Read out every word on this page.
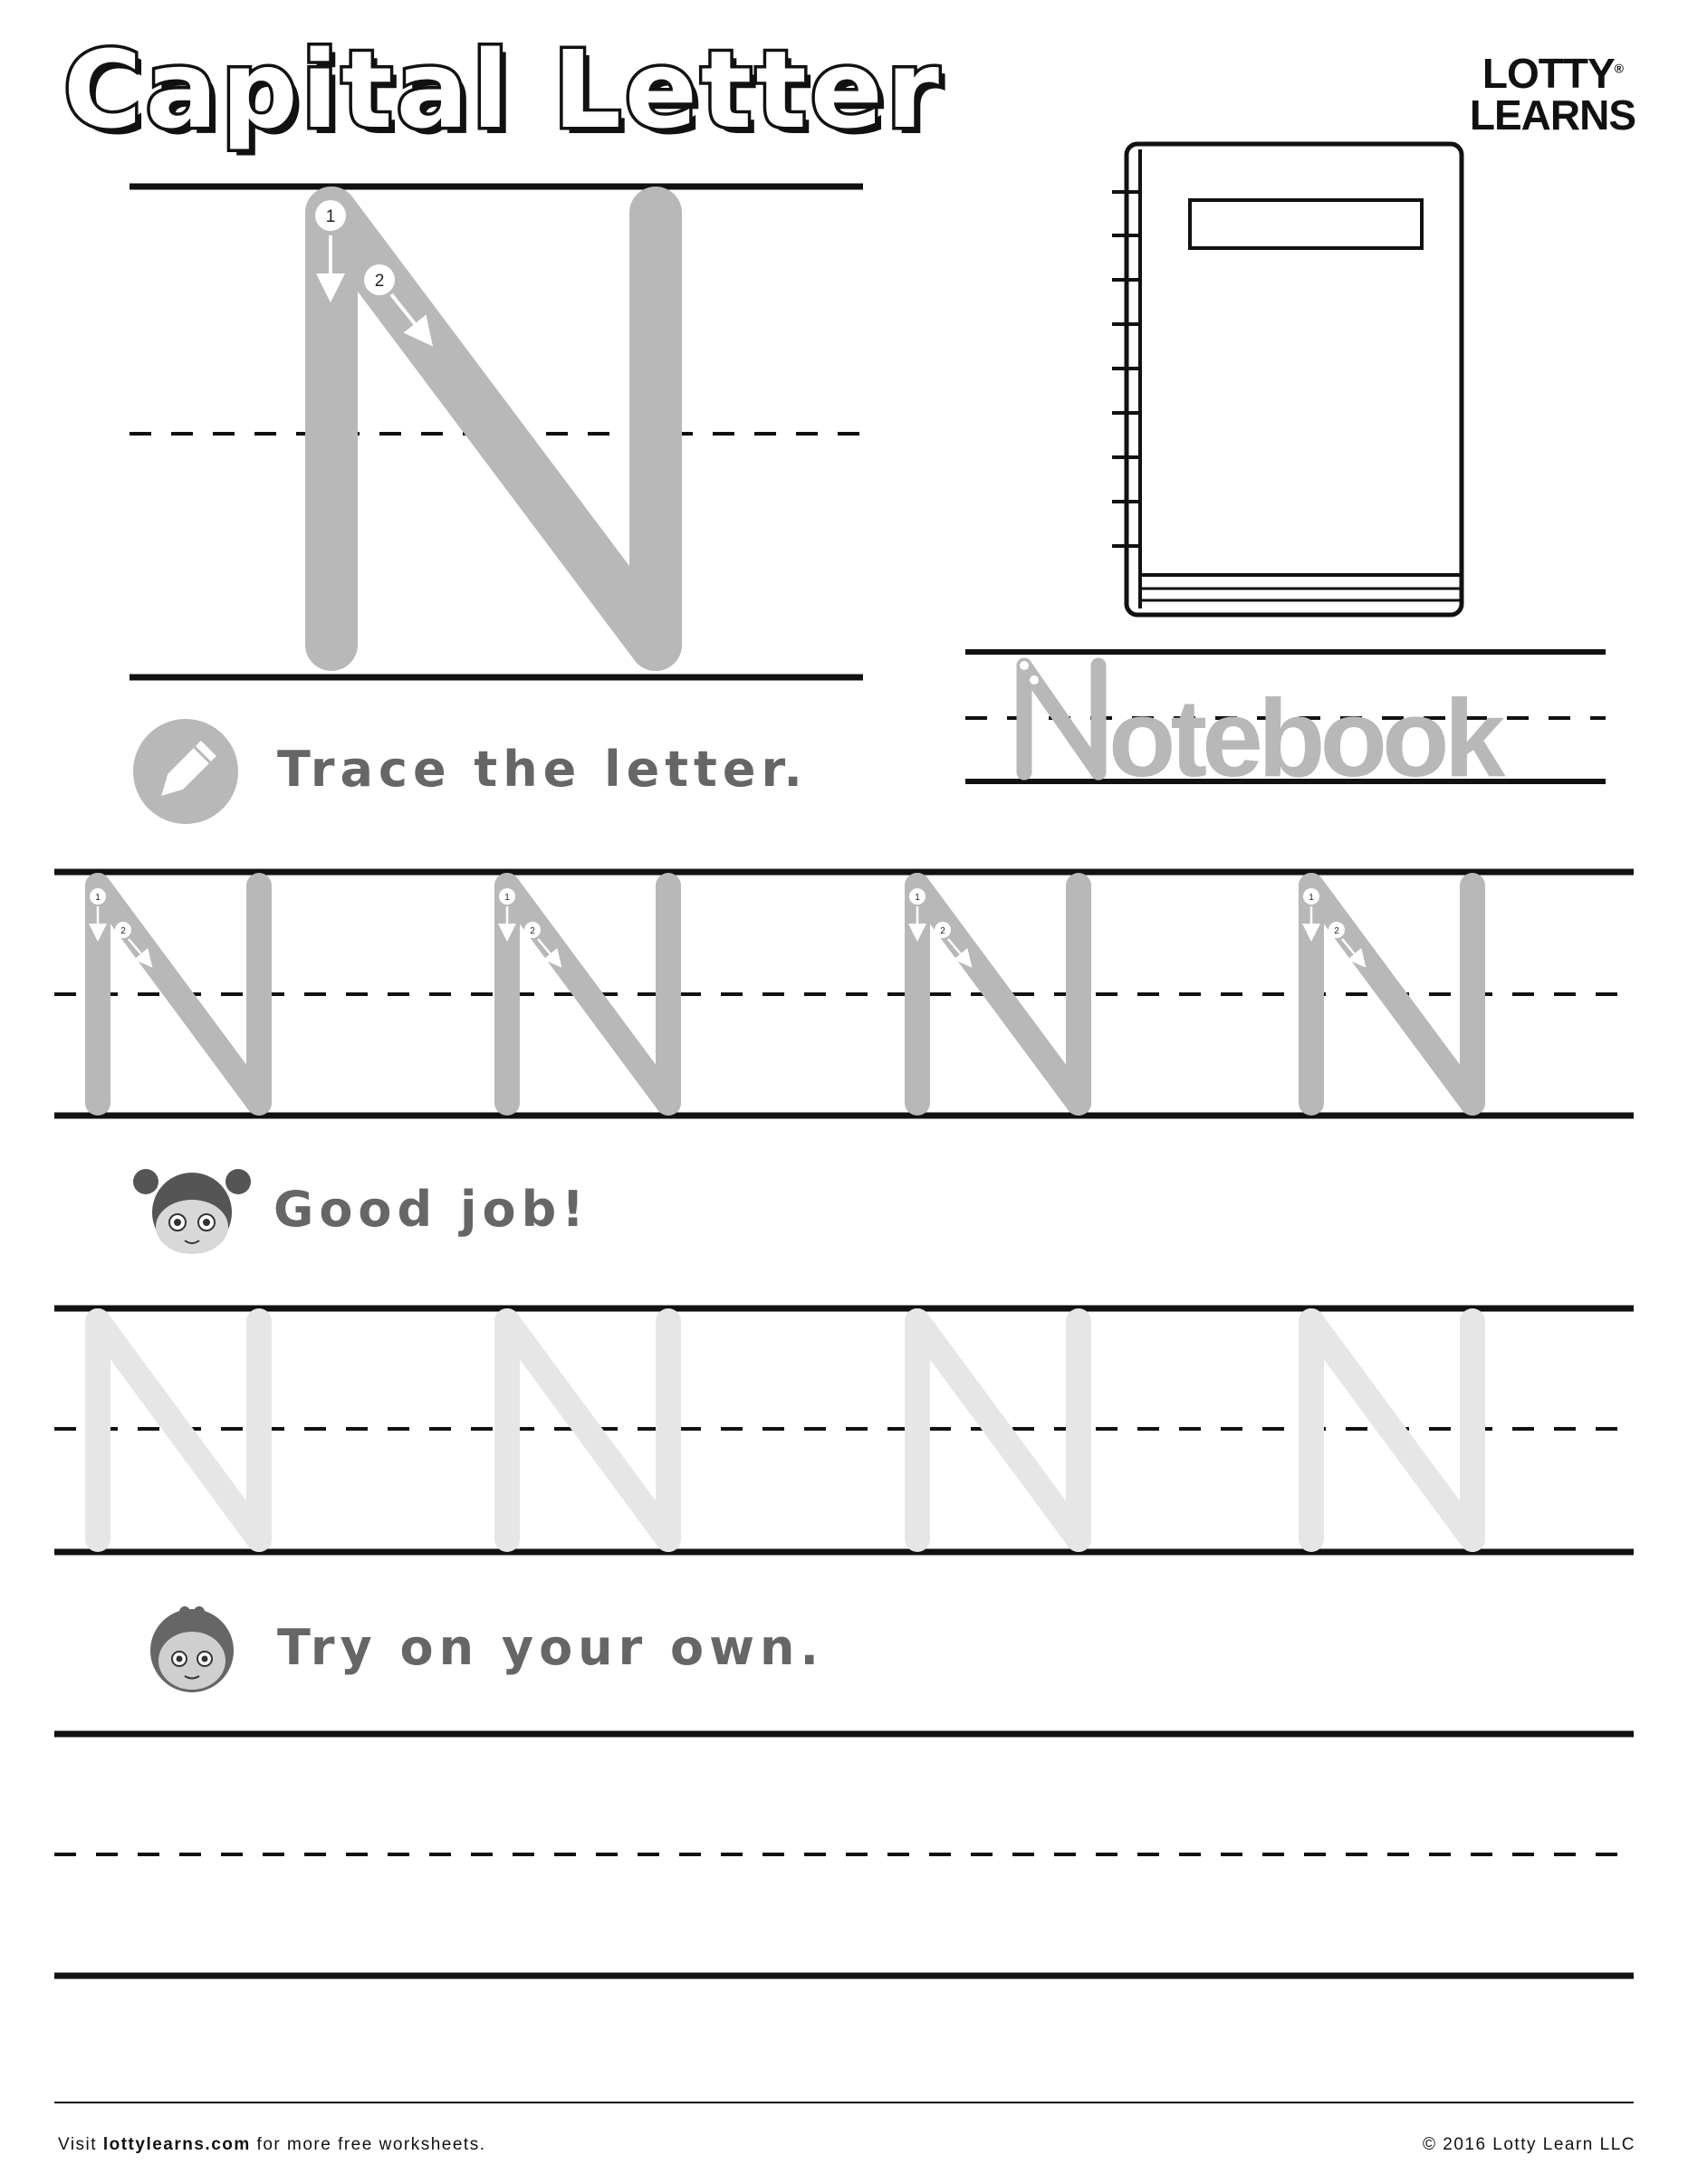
Capital Letter	LOTTY®
LEARNS
1
2
otebook
1
2
1
2
1
2
1
2
Trace the letter.
Good job!
Try on your own.
Visit lottylearns.com for more free worksheets.	© 2016 Lotty Learn LLC
